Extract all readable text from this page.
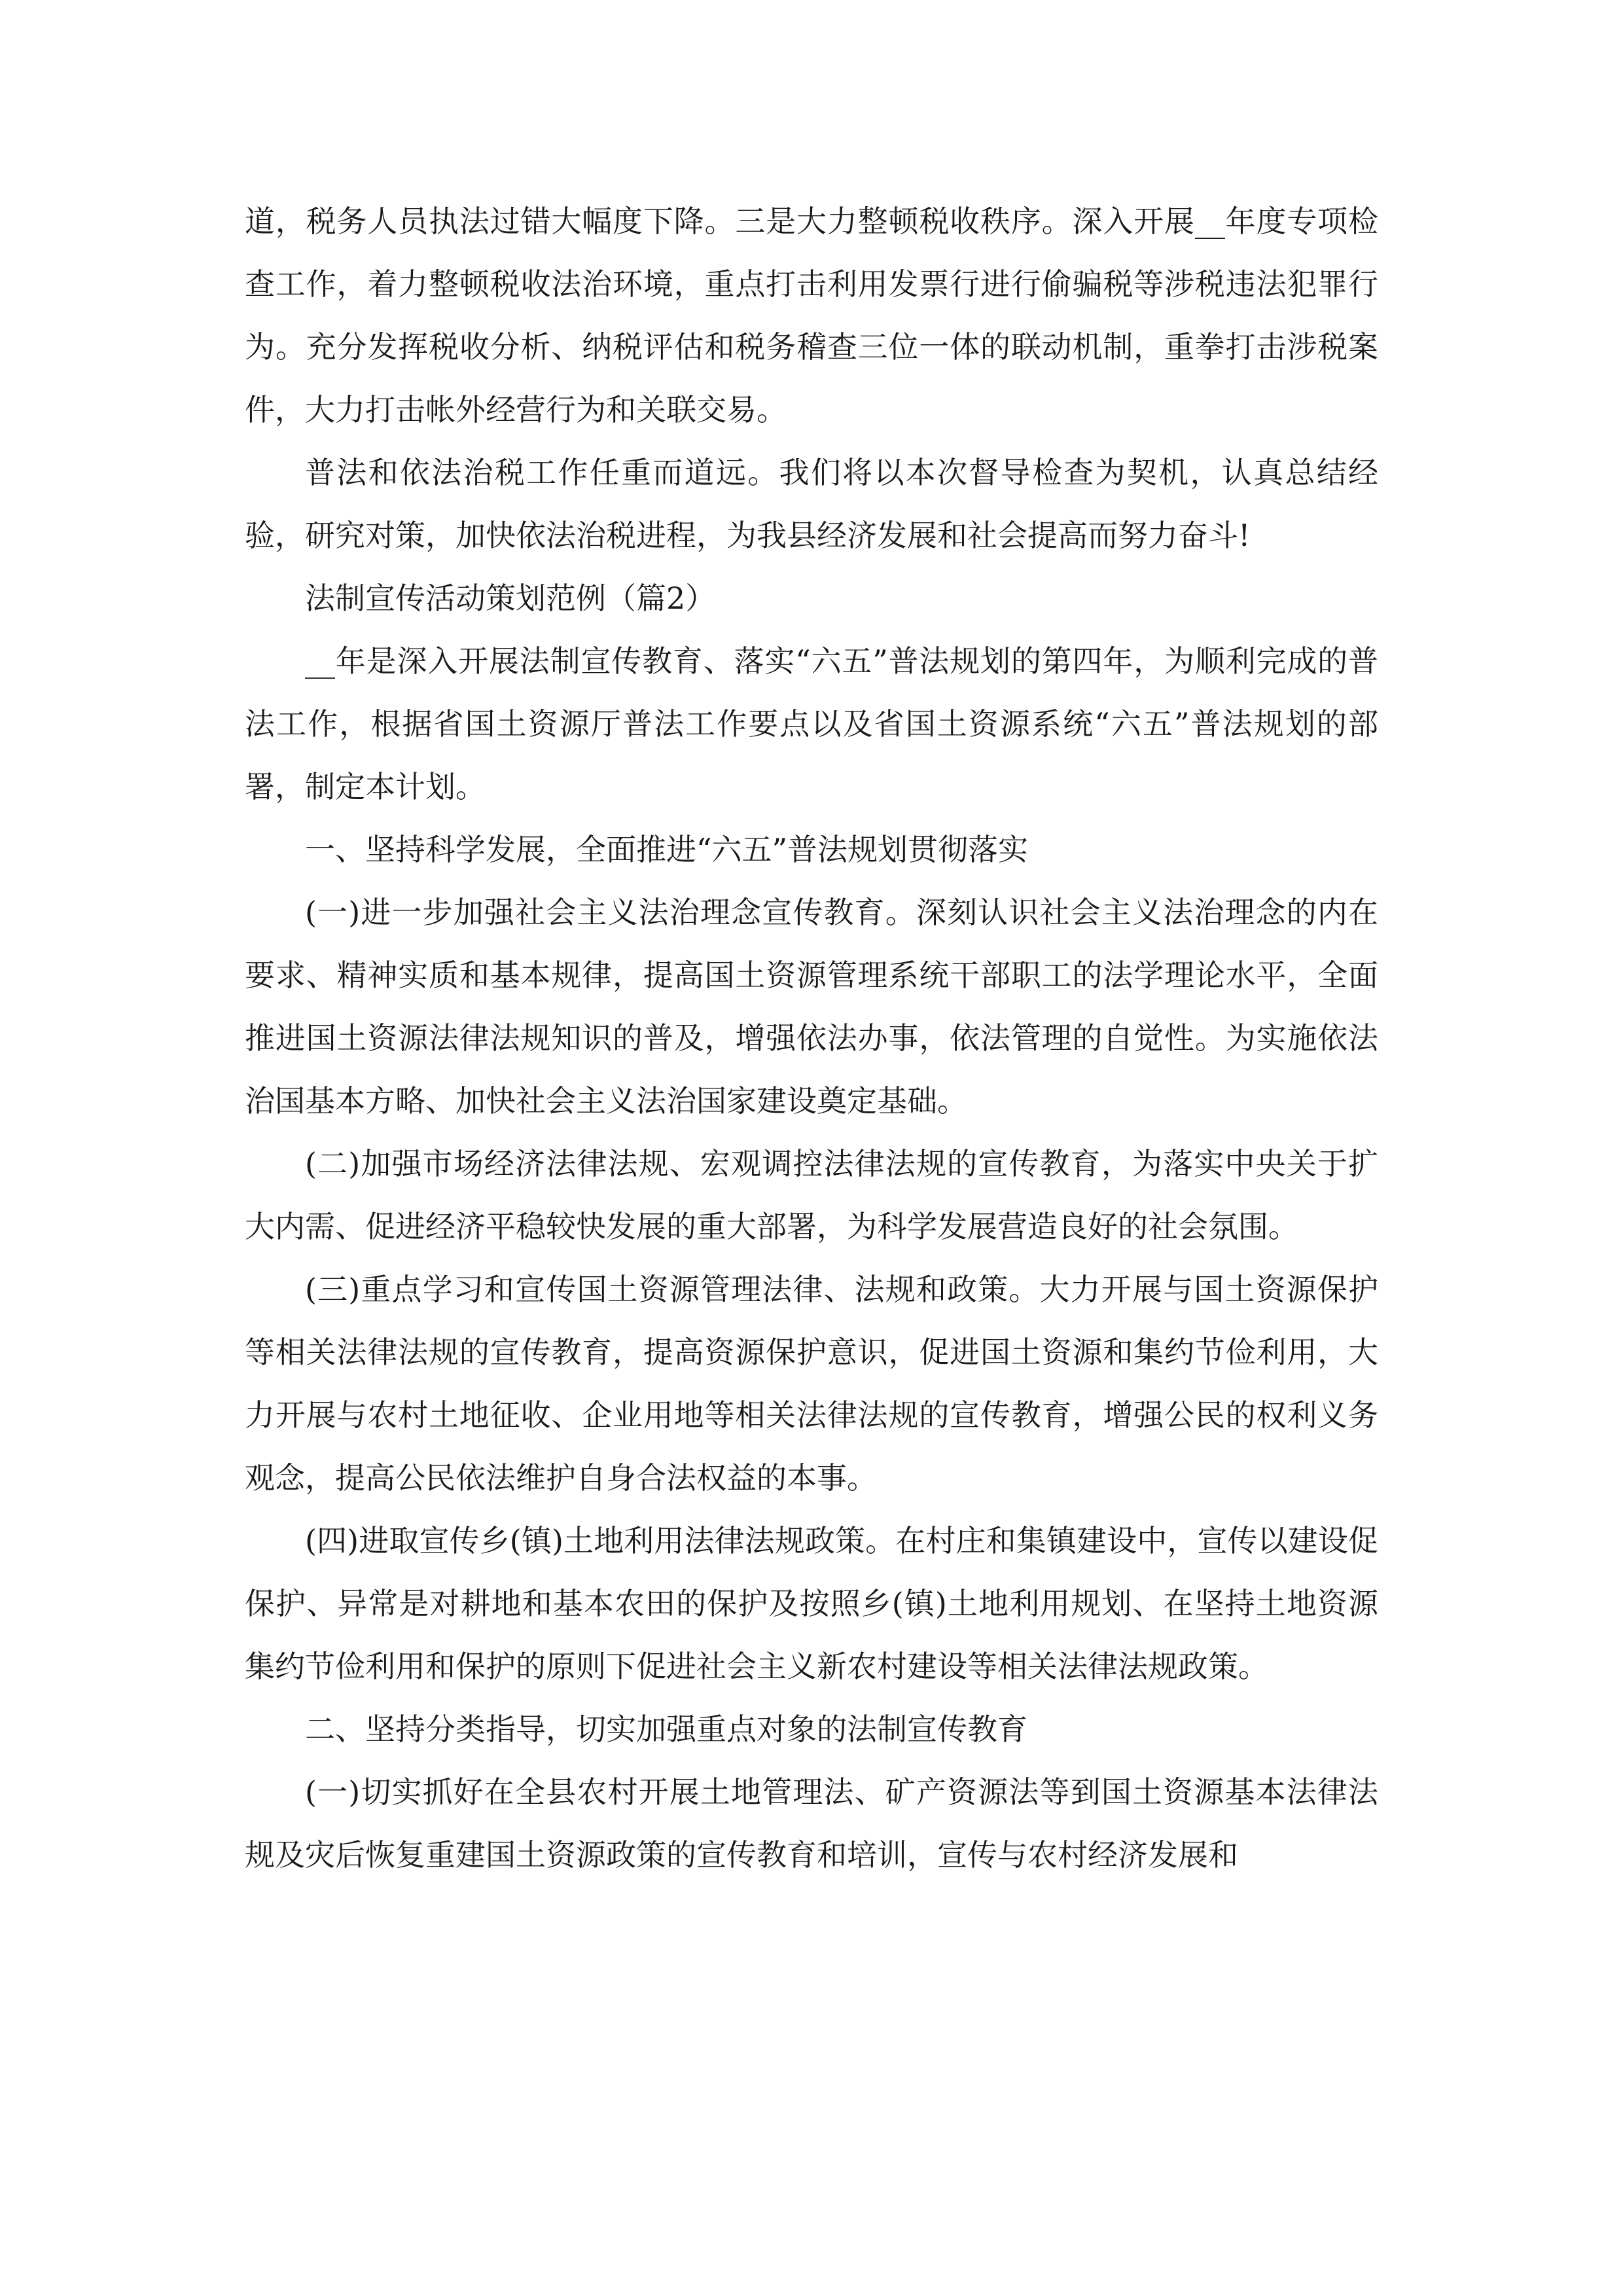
道，税务人员执法过错大幅度下降。三是大力整顿税收秩序。深入开展__年度专项检查工作，着力整顿税收法治环境，重点打击利用发票行进行偷骗税等涉税违法犯罪行为。充分发挥税收分析、纳税评估和税务稽查三位一体的联动机制，重拳打击涉税案件，大力打击帐外经营行为和关联交易。

普法和依法治税工作任重而道远。我们将以本次督导检查为契机，认真总结经验，研究对策，加快依法治税进程，为我县经济发展和社会提高而努力奋斗!

法制宣传活动策划范例（篇2）

__年是深入开展法制宣传教育、落实“六五”普法规划的第四年，为顺利完成的普法工作，根据省国土资源厅普法工作要点以及省国土资源系统“六五”普法规划的部署，制定本计划。

一、坚持科学发展，全面推进“六五”普法规划贯彻落实

(一)进一步加强社会主义法治理念宣传教育。深刻认识社会主义法治理念的内在要求、精神实质和基本规律，提高国土资源管理系统干部职工的法学理论水平，全面推进国土资源法律法规知识的普及，增强依法办事，依法管理的自觉性。为实施依法治国基本方略、加快社会主义法治国家建设奠定基础。

(二)加强市场经济法律法规、宏观调控法律法规的宣传教育，为落实中央关于扩大内需、促进经济平稳较快发展的重大部署，为科学发展营造良好的社会氛围。

(三)重点学习和宣传国土资源管理法律、法规和政策。大力开展与国土资源保护等相关法律法规的宣传教育，提高资源保护意识，促进国土资源和集约节俭利用，大力开展与农村土地征收、企业用地等相关法律法规的宣传教育，增强公民的权利义务观念，提高公民依法维护自身合法权益的本事。

(四)进取宣传乡(镇)土地利用法律法规政策。在村庄和集镇建设中，宣传以建设促保护、异常是对耕地和基本农田的保护及按照乡(镇)土地利用规划、在坚持土地资源集约节俭利用和保护的原则下促进社会主义新农村建设等相关法律法规政策。

二、坚持分类指导，切实加强重点对象的法制宣传教育

(一)切实抓好在全县农村开展土地管理法、矿产资源法等到国土资源基本法律法规及灾后恢复重建国土资源政策的宣传教育和培训，宣传与农村经济发展和
